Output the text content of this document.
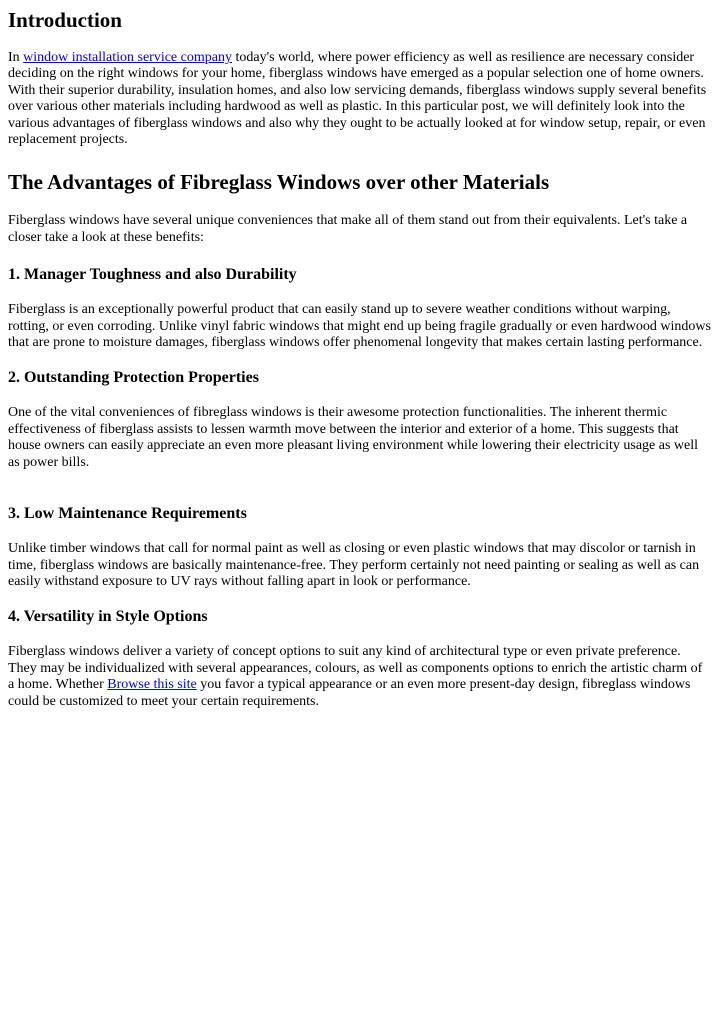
Introduction

In window installation service company today's world, where power efficiency as well as resilience are necessary consider deciding on the right windows for your home, fiberglass windows have emerged as a popular selection one of home owners. With their superior durability, insulation homes, and also low servicing demands, fiberglass windows supply several benefits over various other materials including hardwood as well as plastic. In this particular post, we will definitely look into the various advantages of fiberglass windows and also why they ought to be actually looked at for window setup, repair, or even replacement projects.

The Advantages of Fibreglass Windows over other Materials

Fiberglass windows have several unique conveniences that make all of them stand out from their equivalents. Let's take a closer take a look at these benefits:

1. Manager Toughness and also Durability

Fiberglass is an exceptionally powerful product that can easily stand up to severe weather conditions without warping, rotting, or even corroding. Unlike vinyl fabric windows that might end up being fragile gradually or even hardwood windows that are prone to moisture damages, fiberglass windows offer phenomenal longevity that makes certain lasting performance.

2. Outstanding Protection Properties

One of the vital conveniences of fibreglass windows is their awesome protection functionalities. The inherent thermic effectiveness of fiberglass assists to lessen warmth move between the interior and exterior of a home. This suggests that house owners can easily appreciate an even more pleasant living environment while lowering their electricity usage as well as power bills.

3. Low Maintenance Requirements

Unlike timber windows that call for normal paint as well as closing or even plastic windows that may discolor or tarnish in time, fiberglass windows are basically maintenance-free. They perform certainly not need painting or sealing as well as can easily withstand exposure to UV rays without falling apart in look or performance.

4. Versatility in Style Options

Fiberglass windows deliver a variety of concept options to suit any kind of architectural type or even private preference. They may be individualized with several appearances, colours, as well as components options to enrich the artistic charm of a home. Whether Browse this site you favor a typical appearance or an even more present-day design, fibreglass windows could be customized to meet your certain requirements.
